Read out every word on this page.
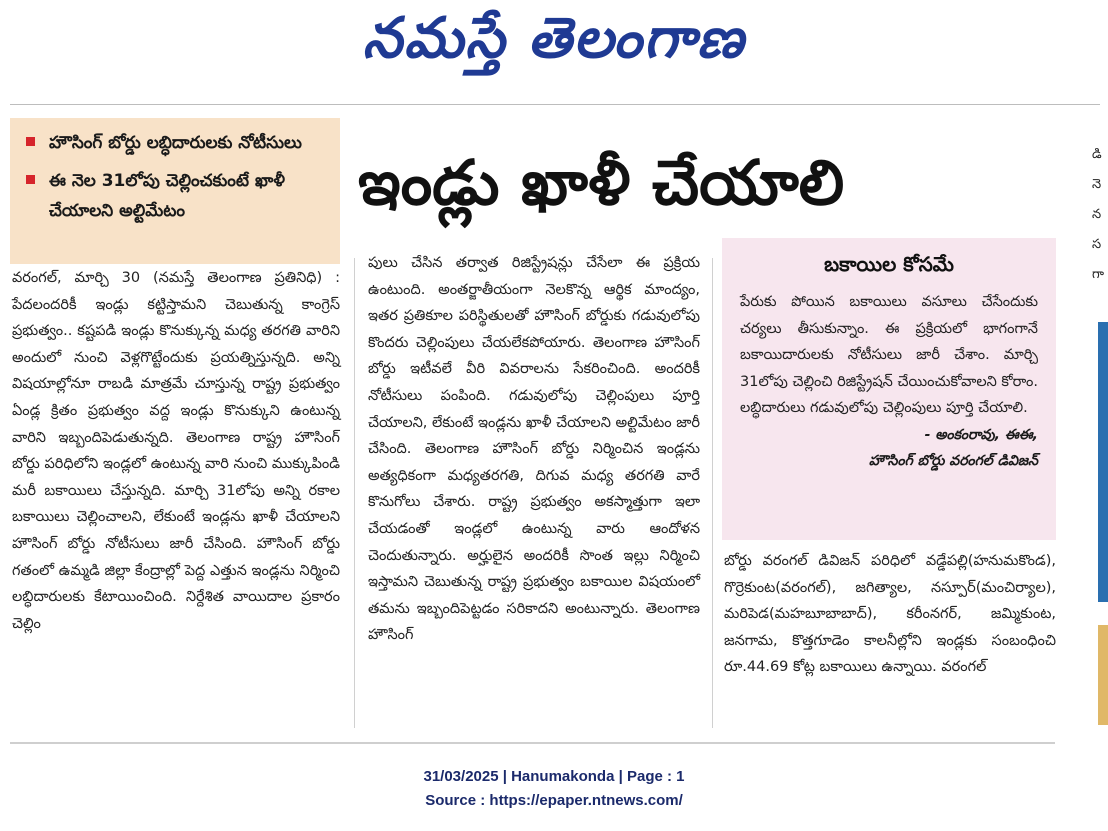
నమస్తే తెలంగాణ
హౌసింగ్‌ బోర్డు లబ్ధిదారులకు నోటీసులు
ఈ నెల 31లోపు చెల్లించకుంటే ఖాళీ చేయాలని అల్టిమేటం	ఇండ్లు ఖాళీ చేయాలి
వరంగల్‌, మార్చి 30 (నమస్తే తెలంగాణ ప్రతినిధి) : పేదలందరికీ ఇండ్లు కట్టిస్తామని చెబుతున్న కాంగ్రెస్‌ ప్రభుత్వం.. కష్టపడి ఇండ్లు కొనుక్కున్న మధ్య తరగతి వారిని అందులో నుంచి వెళ్లగొట్టేందుకు ప్రయత్నిస్తున్నది. అన్ని విషయాల్లోనూ రాబడి మాత్రమే చూస్తున్న రాష్ట్ర ప్రభుత్వం ఏండ్ల క్రితం ప్రభుత్వం వద్ద ఇండ్లు కొనుక్కుని ఉంటున్న వారిని ఇబ్బందిపెడుతున్నది. తెలంగాణ రాష్ట్ర హౌసింగ్‌ బోర్డు పరిధిలోని ఇండ్లలో ఉంటున్న వారి నుంచి ముక్కుపిండి మరీ బకాయిలు చేస్తున్నది. మార్చి 31లోపు అన్ని రకాల బకాయిలు చెల్లించాలని, లేకుంటే ఇండ్లను ఖాళీ చేయాలని హౌసింగ్‌ బోర్డు నోటీసులు జారీ చేసింది. హౌసింగ్‌ బోర్డు గతంలో ఉమ్మడి జిల్లా కేంద్రాల్లో పెద్ద ఎత్తున ఇండ్లను నిర్మించి లబ్ధిదారులకు కేటాయించింది. నిర్దేశిత వాయిదాల ప్రకారం చెల్లిం
పులు చేసిన తర్వాత రిజిస్ట్రేషన్లు చేసేలా ఈ ప్రక్రియ ఉంటుంది. అంతర్జాతీయంగా నెలకొన్న ఆర్థిక మాంద్యం, ఇతర ప్రతికూల పరిస్థితులతో హౌసింగ్‌ బోర్డుకు గడువులోపు కొందరు చెల్లింపులు చేయలేకపోయారు. తెలంగాణ హౌసింగ్‌ బోర్డు ఇటీవలే వీరి వివరాలను సేకరించింది. అందరికీ నోటీసులు పంపింది. గడువులోపు చెల్లింపులు పూర్తి చేయాలని, లేకుంటే ఇండ్లను ఖాళీ చేయాలని అల్టిమేటం జారీ చేసింది. తెలంగాణ హౌసింగ్‌ బోర్డు నిర్మించిన ఇండ్లను అత్యధికంగా మధ్యతరగతి, దిగువ మధ్య తరగతి వారే కొనుగోలు చేశారు. రాష్ట్ర ప్రభుత్వం అకస్మాత్తుగా ఇలా చేయడంతో ఇండ్లలో ఉంటున్న వారు ఆందోళన చెందుతున్నారు. అర్హులైన అందరికీ సొంత ఇల్లు నిర్మించి ఇస్తామని చెబుతున్న రాష్ట్ర ప్రభుత్వం బకాయిల విషయంలో తమను ఇబ్బందిపెట్టడం సరికాదని అంటున్నారు. తెలంగాణ హౌసింగ్‌
బకాయిల కోసమే
పేరుకు పోయిన బకాయిలు వసూలు చేసేందుకు చర్యలు తీసుకున్నాం. ఈ ప్రక్రియలో భాగంగానే బకాయిదారులకు నోటీసులు జారీ చేశాం. మార్చి 31లోపు చెల్లించి రిజిస్ట్రేషన్‌ చేయించుకోవాలని కోరాం. లబ్ధిదారులు గడువులోపు చెల్లింపులు పూర్తి చేయాలి.
- అంకంరావు, ఈఈ,
హౌసింగ్‌ బోర్డు వరంగల్‌ డివిజన్‌
బోర్డు వరంగల్‌ డివిజన్‌ పరిధిలో వడ్డేపల్లి(హనుమకొండ), గొర్రెకుంట(వరంగల్‌), జగిత్యాల, నస్పూర్‌(మంచిర్యాల), మరిపెడ(మహబూబాబాద్‌), కరీంనగర్‌, జమ్మికుంట, జనగామ, కొత్తగూడెం కాలనీల్లోని ఇండ్లకు సంబంధించి రూ.44.69 కోట్ల బకాయిలు ఉన్నాయి. వరంగల్‌
డి
నె
న
స
గా
31/03/2025 | Hanumakonda | Page : 1
Source : https://epaper.ntnews.com/
